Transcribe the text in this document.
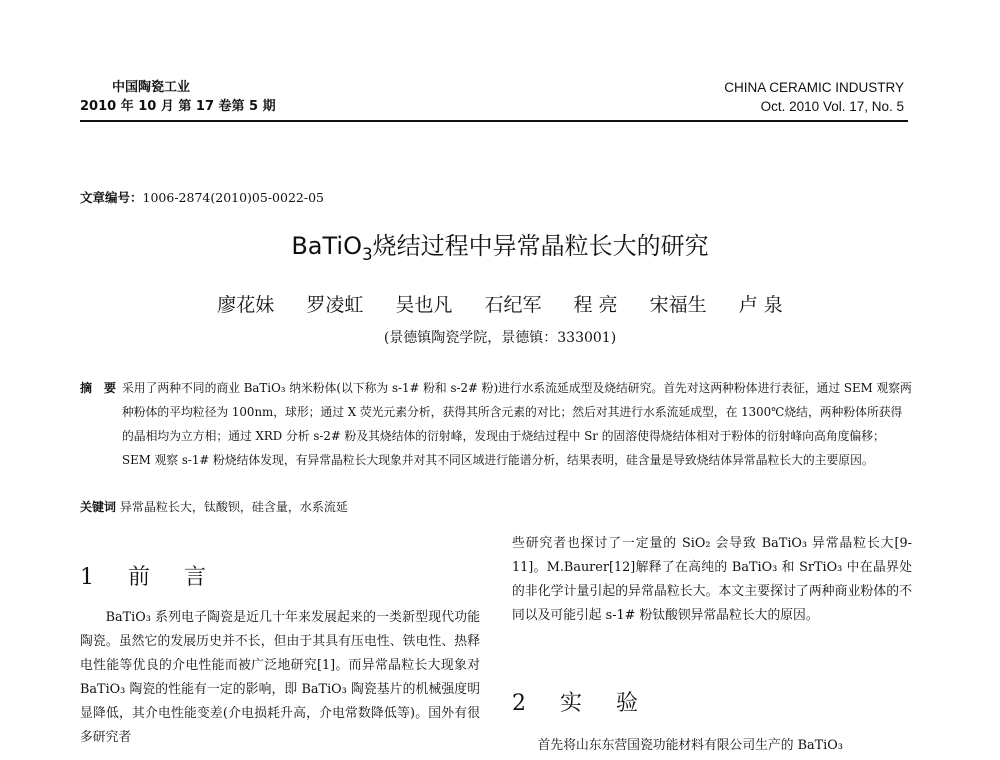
中国陶瓷工业
2010 年 10 月 第 17 卷第 5 期
CHINA CERAMIC INDUSTRY
Oct. 2010 Vol. 17, No. 5
文章编号：1006-2874(2010)05-0022-05
BaTiO$_3$烧结过程中异常晶粒长大的研究
廖花妹 罗凌虹 吴也凡 石纪军 程 亮 宋福生 卢 泉
(景德镇陶瓷学院，景德镇：333001)
摘　要 采用了两种不同的商业 BaTiO₃ 纳米粉体(以下称为 s-1# 粉和 s-2# 粉)进行水系流延成型及烧结研究。首先对这两种粉体进行表征，通过 SEM 观察两种粉体的平均粒径为 100nm，球形；通过 X 荧光元素分析，获得其所含元素的对比；然后对其进行水系流延成型，在 1300℃烧结，两种粉体所获得的晶相均为立方相；通过 XRD 分析 s-2# 粉及其烧结体的衍射峰，发现由于烧结过程中 Sr 的固溶使得烧结体相对于粉体的衍射峰向高角度偏移；SEM 观察 s-1# 粉烧结体发现，有异常晶粒长大现象并对其不同区域进行能谱分析，结果表明，硅含量是导致烧结体异常晶粒长大的主要原因。
关键词 异常晶粒长大，钛酸钡，硅含量，水系流延
1　前　言

BaTiO₃ 系列电子陶瓷是近几十年来发展起来的一类新型现代功能陶瓷。虽然它的发展历史并不长，但由于其具有压电性、铁电性、热释电性能等优良的介电性能而被广泛地研究[1]。而异常晶粒长大现象对 BaTiO₃ 陶瓷的性能有一定的影响，即 BaTiO₃ 陶瓷基片的机械强度明显降低，其介电性能变差(介电损耗升高，介电常数降低等)。国外有很多研究者

些研究者也探讨了一定量的 SiO₂ 会导致 BaTiO₃ 异常晶粒长大[9-11]。M.Baurer[12]解释了在高纯的 BaTiO₃ 和 SrTiO₃ 中在晶界处的非化学计量引起的异常晶粒长大。本文主要探讨了两种商业粉体的不同以及可能引起 s-1# 粉钛酸钡异常晶粒长大的原因。

2　实　验

首先将山东东营国瓷功能材料有限公司生产的 BaTiO₃
